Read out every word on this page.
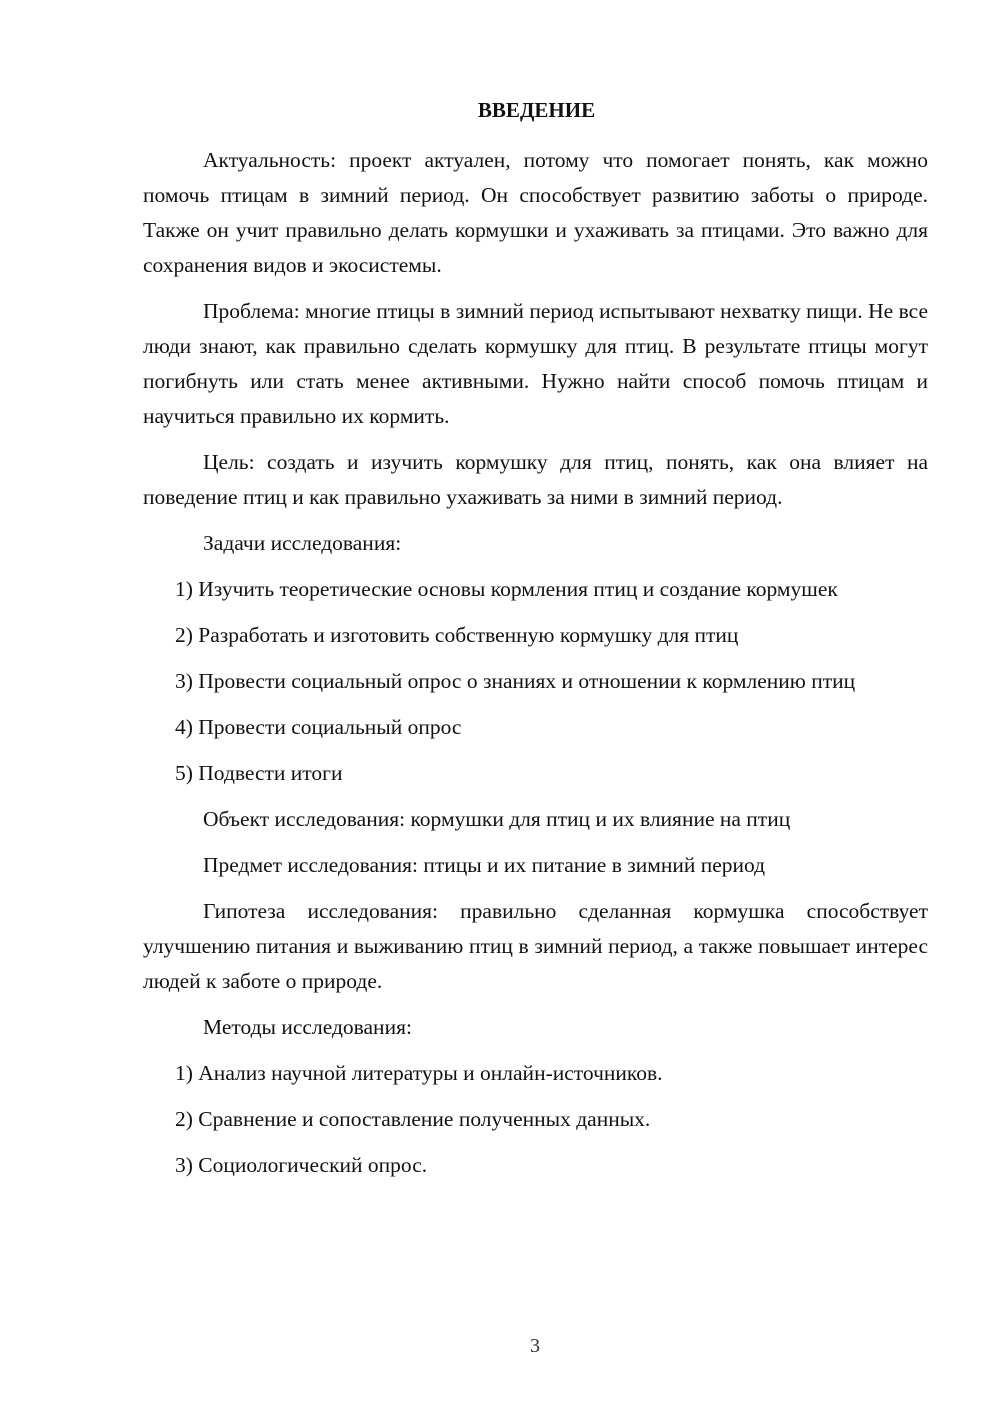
ВВЕДЕНИЕ

Актуальность: проект актуален, потому что помогает понять, как можно помочь птицам в зимний период. Он способствует развитию заботы о природе. Также он учит правильно делать кормушки и ухаживать за птицами. Это важно для сохранения видов и экосистемы.

Проблема: многие птицы в зимний период испытывают нехватку пищи. Не все люди знают, как правильно сделать кормушку для птиц. В результате птицы могут погибнуть или стать менее активными. Нужно найти способ помочь птицам и научиться правильно их кормить.

Цель: создать и изучить кормушку для птиц, понять, как она влияет на поведение птиц и как правильно ухаживать за ними в зимний период.

Задачи исследования:

1) Изучить теоретические основы кормления птиц и создание кормушек

2) Разработать и изготовить собственную кормушку для птиц

3) Провести социальный опрос о знаниях и отношении к кормлению птиц

4) Провести социальный опрос

5) Подвести итоги

Объект исследования: кормушки для птиц и их влияние на птиц

Предмет исследования: птицы и их питание в зимний период

Гипотеза исследования: правильно сделанная кормушка способствует улучшению питания и выживанию птиц в зимний период, а также повышает интерес людей к заботе о природе.

Методы исследования:

1) Анализ научной литературы и онлайн-источников.

2) Сравнение и сопоставление полученных данных.

3) Социологический опрос.

3
